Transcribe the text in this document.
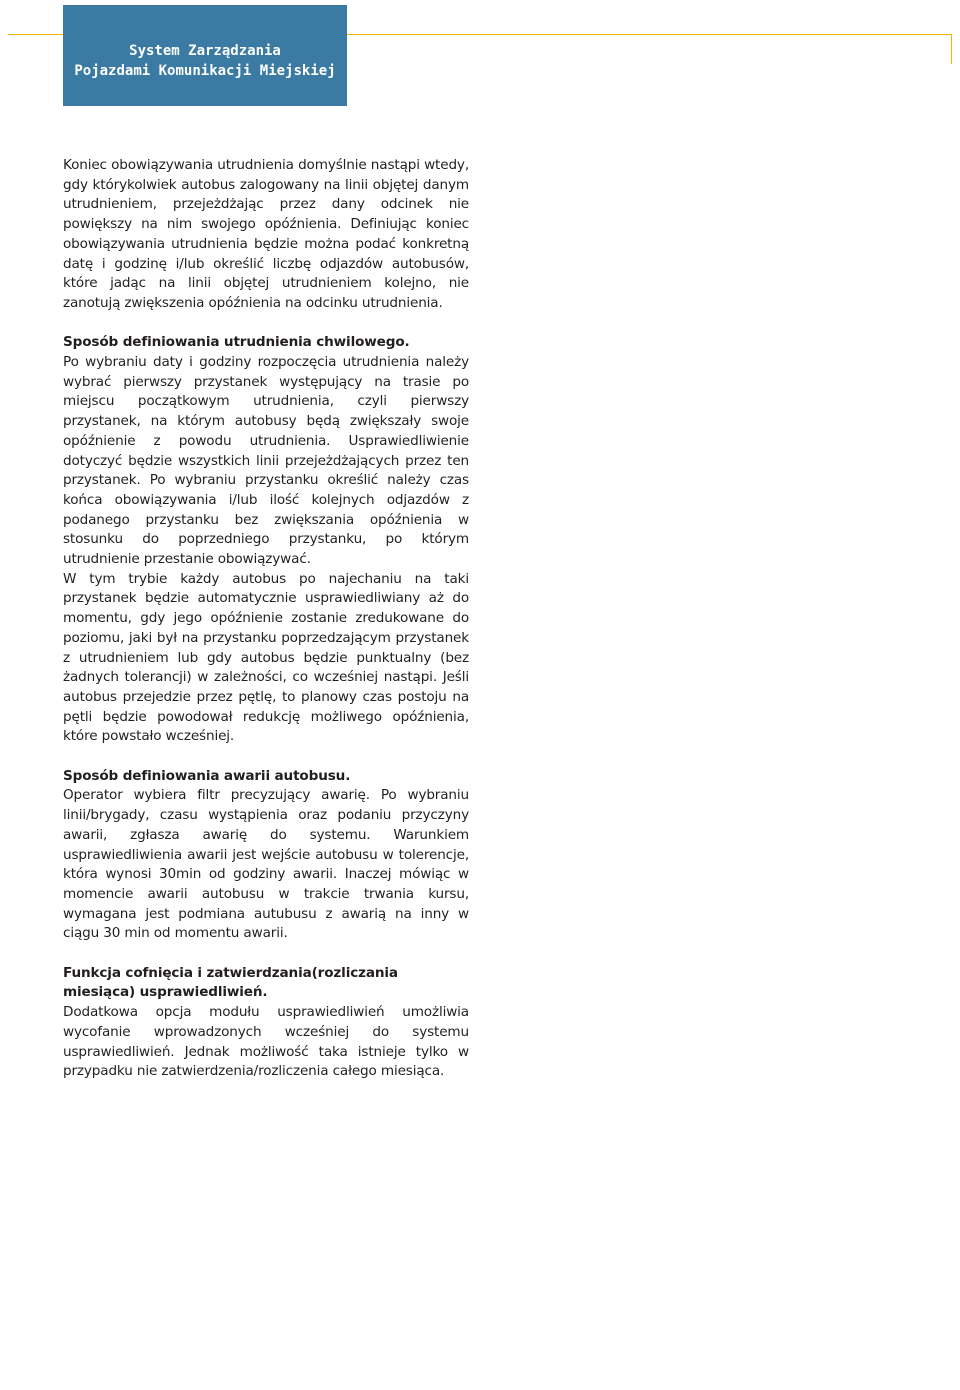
System Zarządzania
Pojazdami Komunikacji Miejskiej

Koniec obowiązywania utrudnienia domyślnie nastąpi wtedy, gdy którykolwiek autobus zalogowany na linii objętej danym utrudnieniem, przejeżdżając przez dany odcinek nie powiększy na nim swojego opóźnienia. Definiując koniec obowiązywania utrudnienia będzie można podać konkretną datę i godzinę i/lub określić liczbę odjazdów autobusów, które jadąc na linii objętej utrudnieniem kolejno, nie zanotują zwiększenia opóźnienia na odcinku utrudnienia.

Sposób definiowania utrudnienia chwilowego.

Po wybraniu daty i godziny rozpoczęcia utrudnienia należy wybrać pierwszy przystanek występujący na trasie po miejscu początkowym utrudnienia, czyli pierwszy przystanek, na którym autobusy będą zwiększały swoje opóźnienie z powodu utrudnienia. Usprawiedliwienie dotyczyć będzie wszystkich linii przejeżdżających przez ten przystanek. Po wybraniu przystanku określić należy czas końca obowiązywania i/lub ilość kolejnych odjazdów z podanego przystanku bez zwiększania opóźnienia w stosunku do poprzedniego przystanku, po którym utrudnienie przestanie obowiązywać.

W tym trybie każdy autobus po najechaniu na taki przystanek będzie automatycznie usprawiedliwiany aż do momentu, gdy jego opóźnienie zostanie zredukowane do poziomu, jaki był na przystanku poprzedzającym przystanek z utrudnieniem lub gdy autobus będzie punktualny (bez żadnych tolerancji) w zależności, co wcześniej nastąpi. Jeśli autobus przejedzie przez pętlę, to planowy czas postoju na pętli będzie powodował redukcję możliwego opóźnienia, które powstało wcześniej.

Sposób definiowania awarii autobusu.

Operator wybiera filtr precyzujący awarię. Po wybraniu linii/brygady, czasu wystąpienia oraz podaniu przyczyny awarii, zgłasza awarię do systemu. Warunkiem usprawiedliwienia awarii jest wejście autobusu w tolerencje, która wynosi 30min od godziny awarii. Inaczej mówiąc w momencie awarii autobusu w trakcie trwania kursu, wymagana jest podmiana autubusu z awarią na inny w ciągu 30 min od momentu awarii.

Funkcja cofnięcia i zatwierdzania(rozliczania miesiąca) usprawiedliwień.

Dodatkowa opcja modułu usprawiedliwień umożliwia wycofanie wprowadzonych wcześniej do systemu usprawiedliwień. Jednak możliwość taka istnieje tylko w przypadku nie zatwierdzenia/rozliczenia całego miesiąca.
